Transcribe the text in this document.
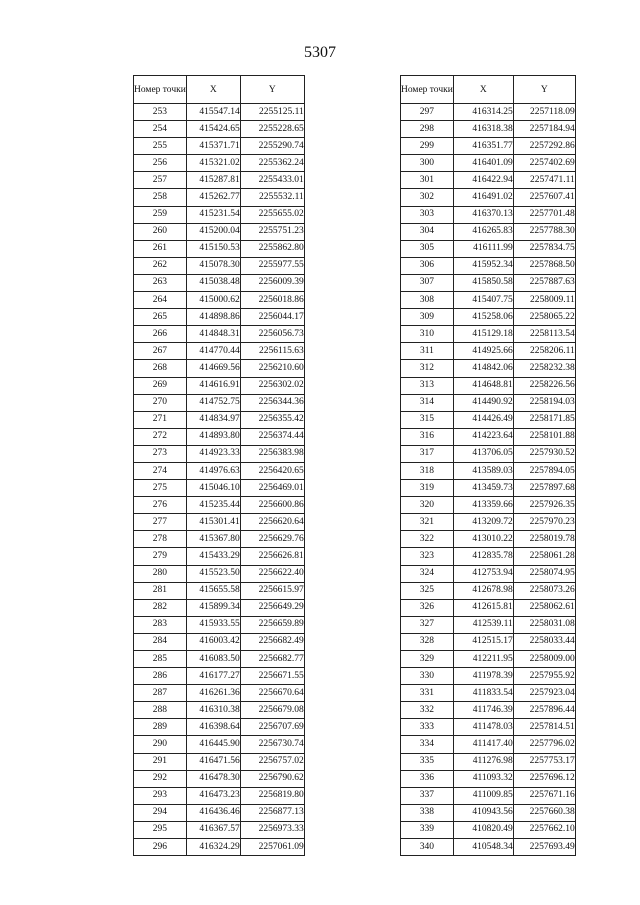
5307
Номер точки	X	Y
253	415547.14	2255125.11
254	415424.65	2255228.65
255	415371.71	2255290.74
256	415321.02	2255362.24
257	415287.81	2255433.01
258	415262.77	2255532.11
259	415231.54	2255655.02
260	415200.04	2255751.23
261	415150.53	2255862.80
262	415078.30	2255977.55
263	415038.48	2256009.39
264	415000.62	2256018.86
265	414898.86	2256044.17
266	414848.31	2256056.73
267	414770.44	2256115.63
268	414669.56	2256210.60
269	414616.91	2256302.02
270	414752.75	2256344.36
271	414834.97	2256355.42
272	414893.80	2256374.44
273	414923.33	2256383.98
274	414976.63	2256420.65
275	415046.10	2256469.01
276	415235.44	2256600.86
277	415301.41	2256620.64
278	415367.80	2256629.76
279	415433.29	2256626.81
280	415523.50	2256622.40
281	415655.58	2256615.97
282	415899.34	2256649.29
283	415933.55	2256659.89
284	416003.42	2256682.49
285	416083.50	2256682.77
286	416177.27	2256671.55
287	416261.36	2256670.64
288	416310.38	2256679.08
289	416398.64	2256707.69
290	416445.90	2256730.74
291	416471.56	2256757.02
292	416478.30	2256790.62
293	416473.23	2256819.80
294	416436.46	2256877.13
295	416367.57	2256973.33
296	416324.29	2257061.09
Номер точки	X	Y
297	416314.25	2257118.09
298	416318.38	2257184.94
299	416351.77	2257292.86
300	416401.09	2257402.69
301	416422.94	2257471.11
302	416491.02	2257607.41
303	416370.13	2257701.48
304	416265.83	2257788.30
305	416111.99	2257834.75
306	415952.34	2257868.50
307	415850.58	2257887.63
308	415407.75	2258009.11
309	415258.06	2258065.22
310	415129.18	2258113.54
311	414925.66	2258206.11
312	414842.06	2258232.38
313	414648.81	2258226.56
314	414490.92	2258194.03
315	414426.49	2258171.85
316	414223.64	2258101.88
317	413706.05	2257930.52
318	413589.03	2257894.05
319	413459.73	2257897.68
320	413359.66	2257926.35
321	413209.72	2257970.23
322	413010.22	2258019.78
323	412835.78	2258061.28
324	412753.94	2258074.95
325	412678.98	2258073.26
326	412615.81	2258062.61
327	412539.11	2258031.08
328	412515.17	2258033.44
329	412211.95	2258009.00
330	411978.39	2257955.92
331	411833.54	2257923.04
332	411746.39	2257896.44
333	411478.03	2257814.51
334	411417.40	2257796.02
335	411276.98	2257753.17
336	411093.32	2257696.12
337	411009.85	2257671.16
338	410943.56	2257660.38
339	410820.49	2257662.10
340	410548.34	2257693.49
